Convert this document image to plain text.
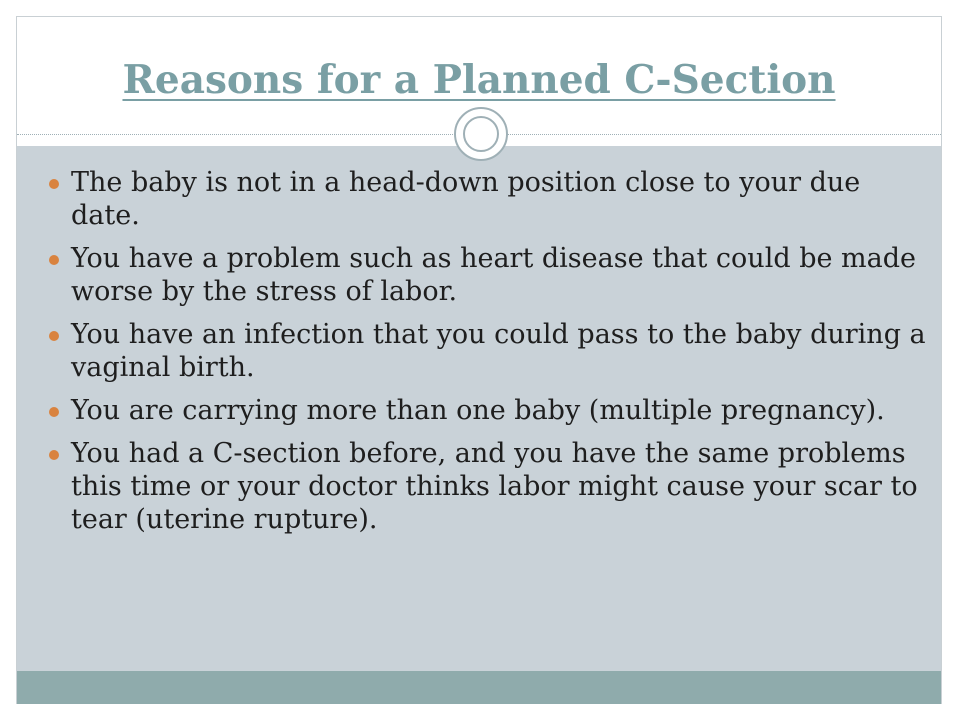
Reasons for a Planned C-Section
The baby is not in a head-down position close to your due date.
You have a problem such as heart disease that could be made worse by the stress of labor.
You have an infection that you could pass to the baby during a vaginal birth.
You are carrying more than one baby (multiple pregnancy).
You had a C-section before, and you have the same problems this time or your doctor thinks labor might cause your scar to tear (uterine rupture).
